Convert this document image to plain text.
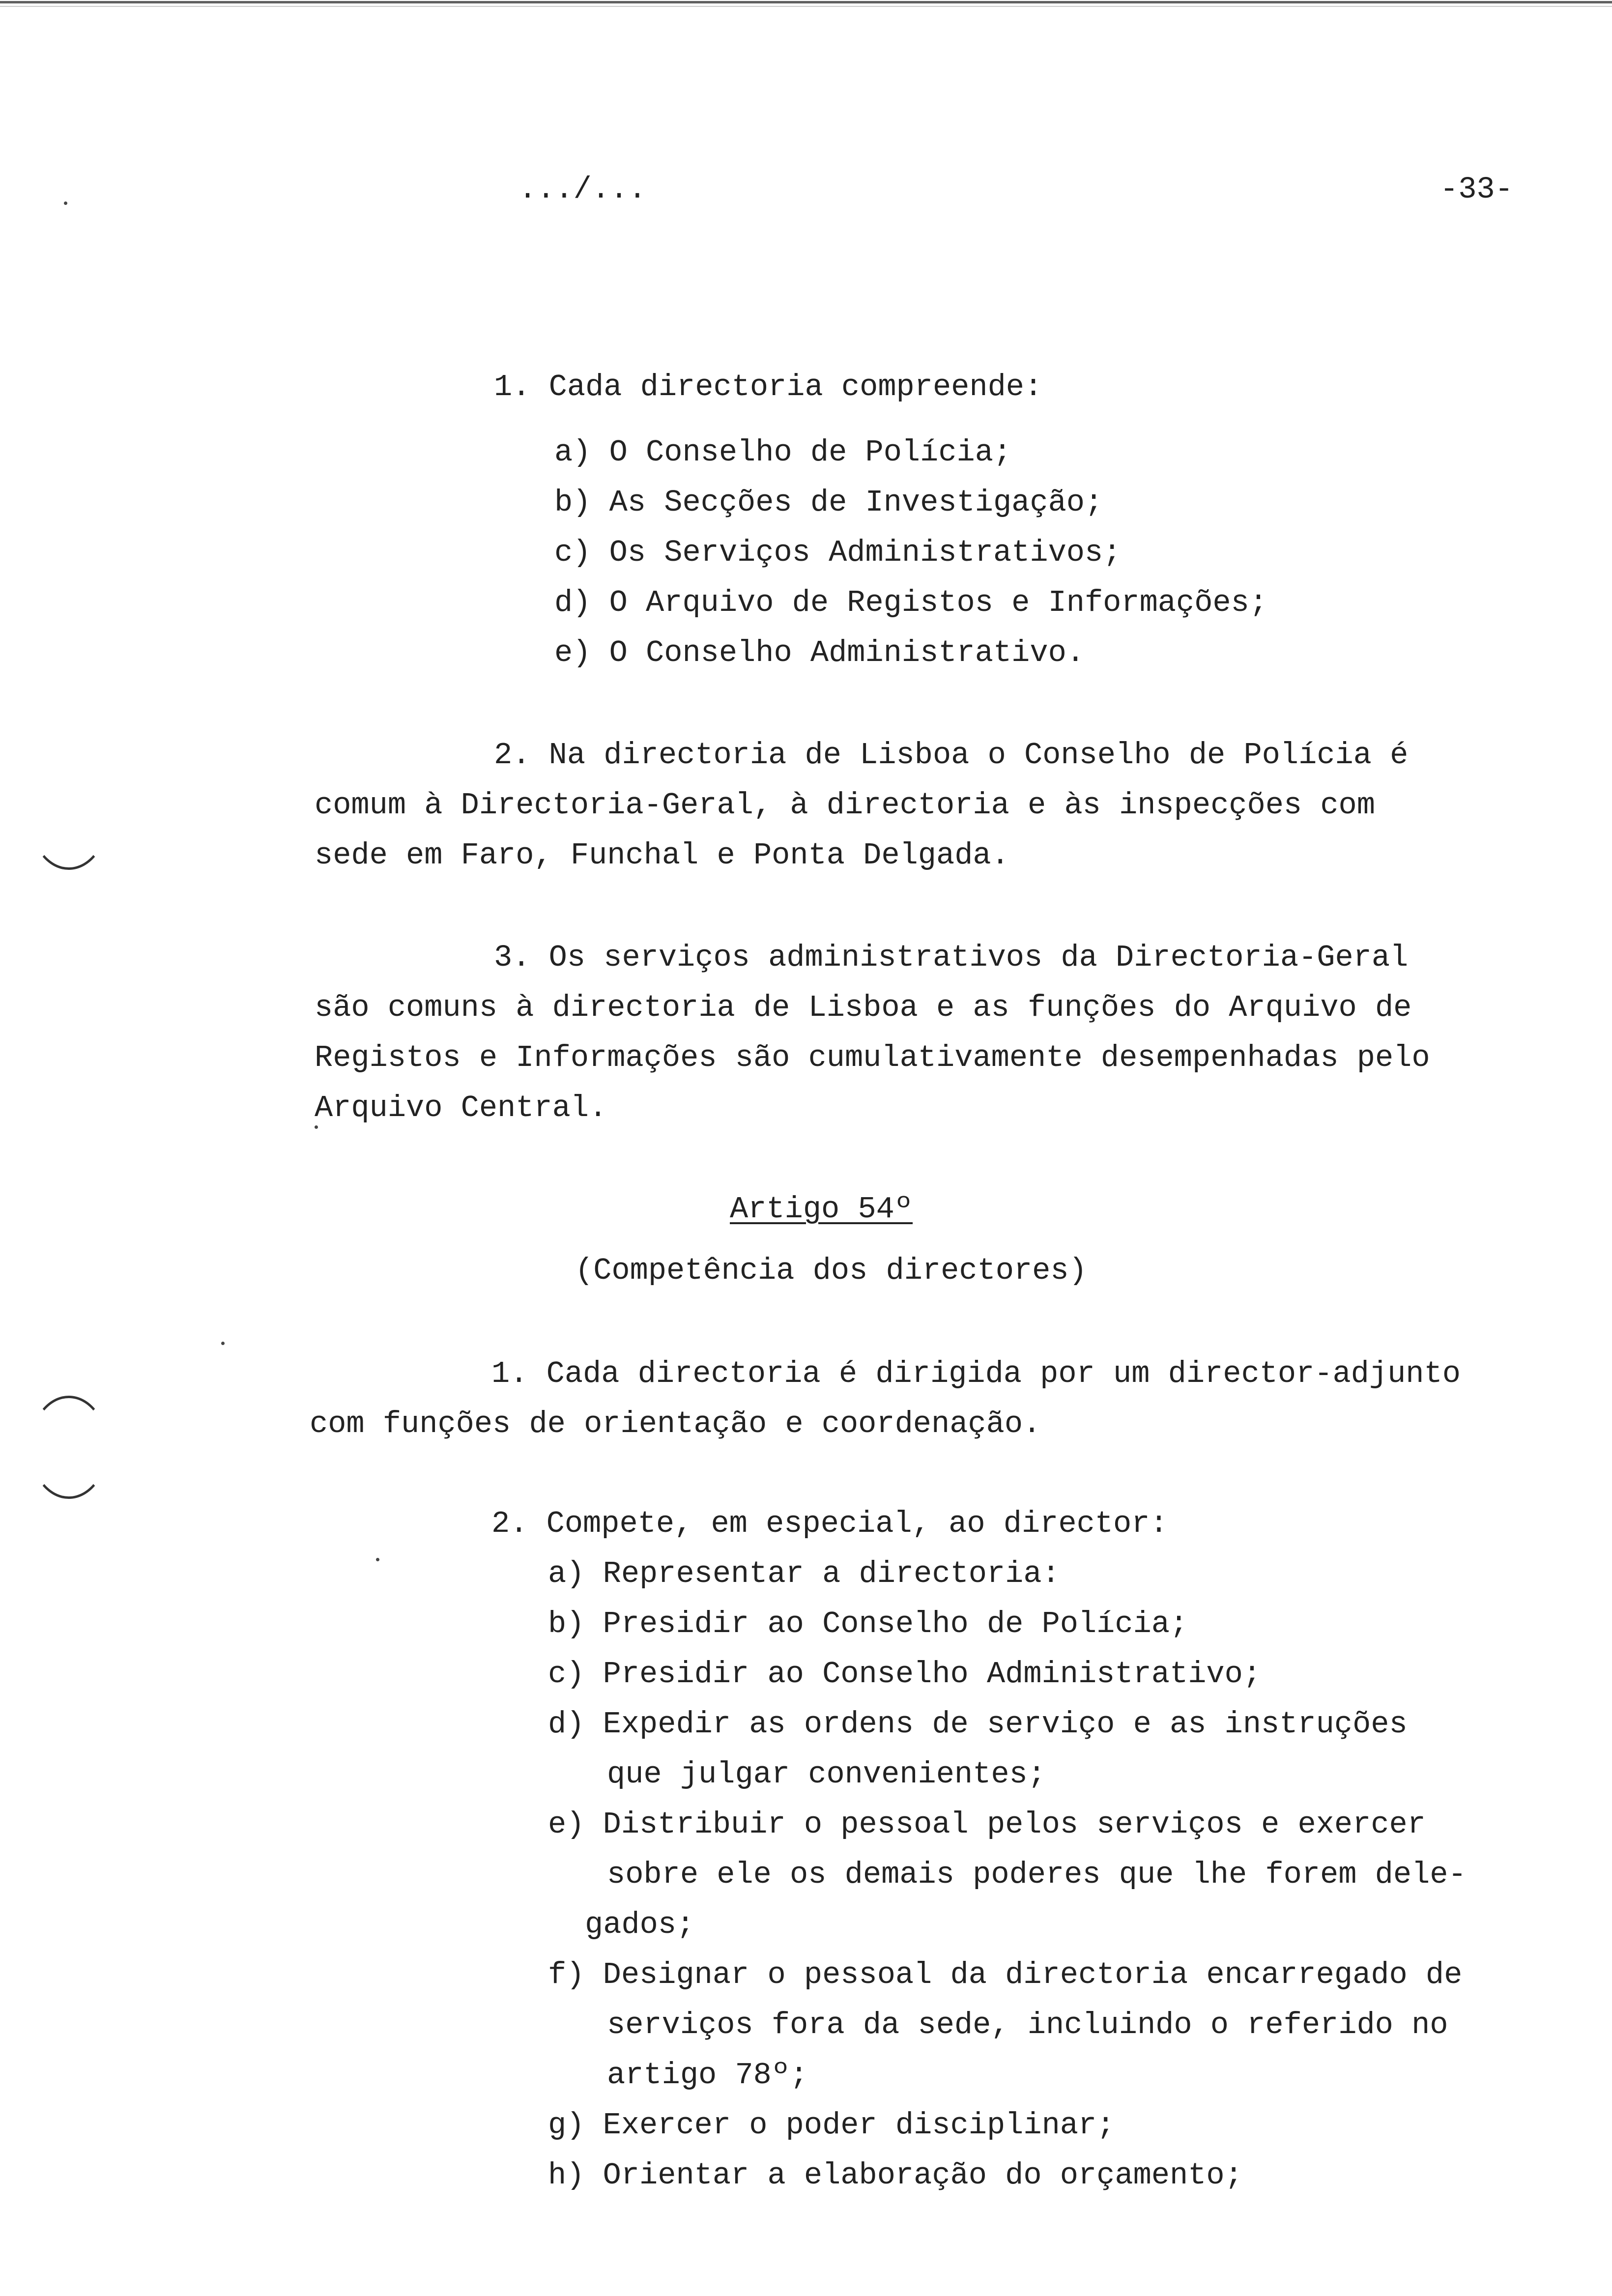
.../...	-33-
1. Cada directoria compreende:
a) O Conselho de Polícia;
b) As Secções de Investigação;
c) Os Serviços Administrativos;
d) O Arquivo de Registos e Informações;
e) O Conselho Administrativo.
2. Na directoria de Lisboa o Conselho de Polícia é
comum à Directoria-Geral, à directoria e às inspecções com
sede em Faro, Funchal e Ponta Delgada.
3. Os serviços administrativos da Directoria-Geral
são comuns à directoria de Lisboa e as funções do Arquivo de
Registos e Informações são cumulativamente desempenhadas pelo
Arquivo Central.
Artigo 54º
(Competência dos directores)
1. Cada directoria é dirigida por um director-adjunto
com funções de orientação e coordenação.
2. Compete, em especial, ao director:
a) Representar a directoria:
b) Presidir ao Conselho de Polícia;
c) Presidir ao Conselho Administrativo;
d) Expedir as ordens de serviço e as instruções
que julgar convenientes;
e) Distribuir o pessoal pelos serviços e exercer
sobre ele os demais poderes que lhe forem dele-
gados;
f) Designar o pessoal da directoria encarregado de
serviços fora da sede, incluindo o referido no
artigo 78º;
g) Exercer o poder disciplinar;
h) Orientar a elaboração do orçamento;
